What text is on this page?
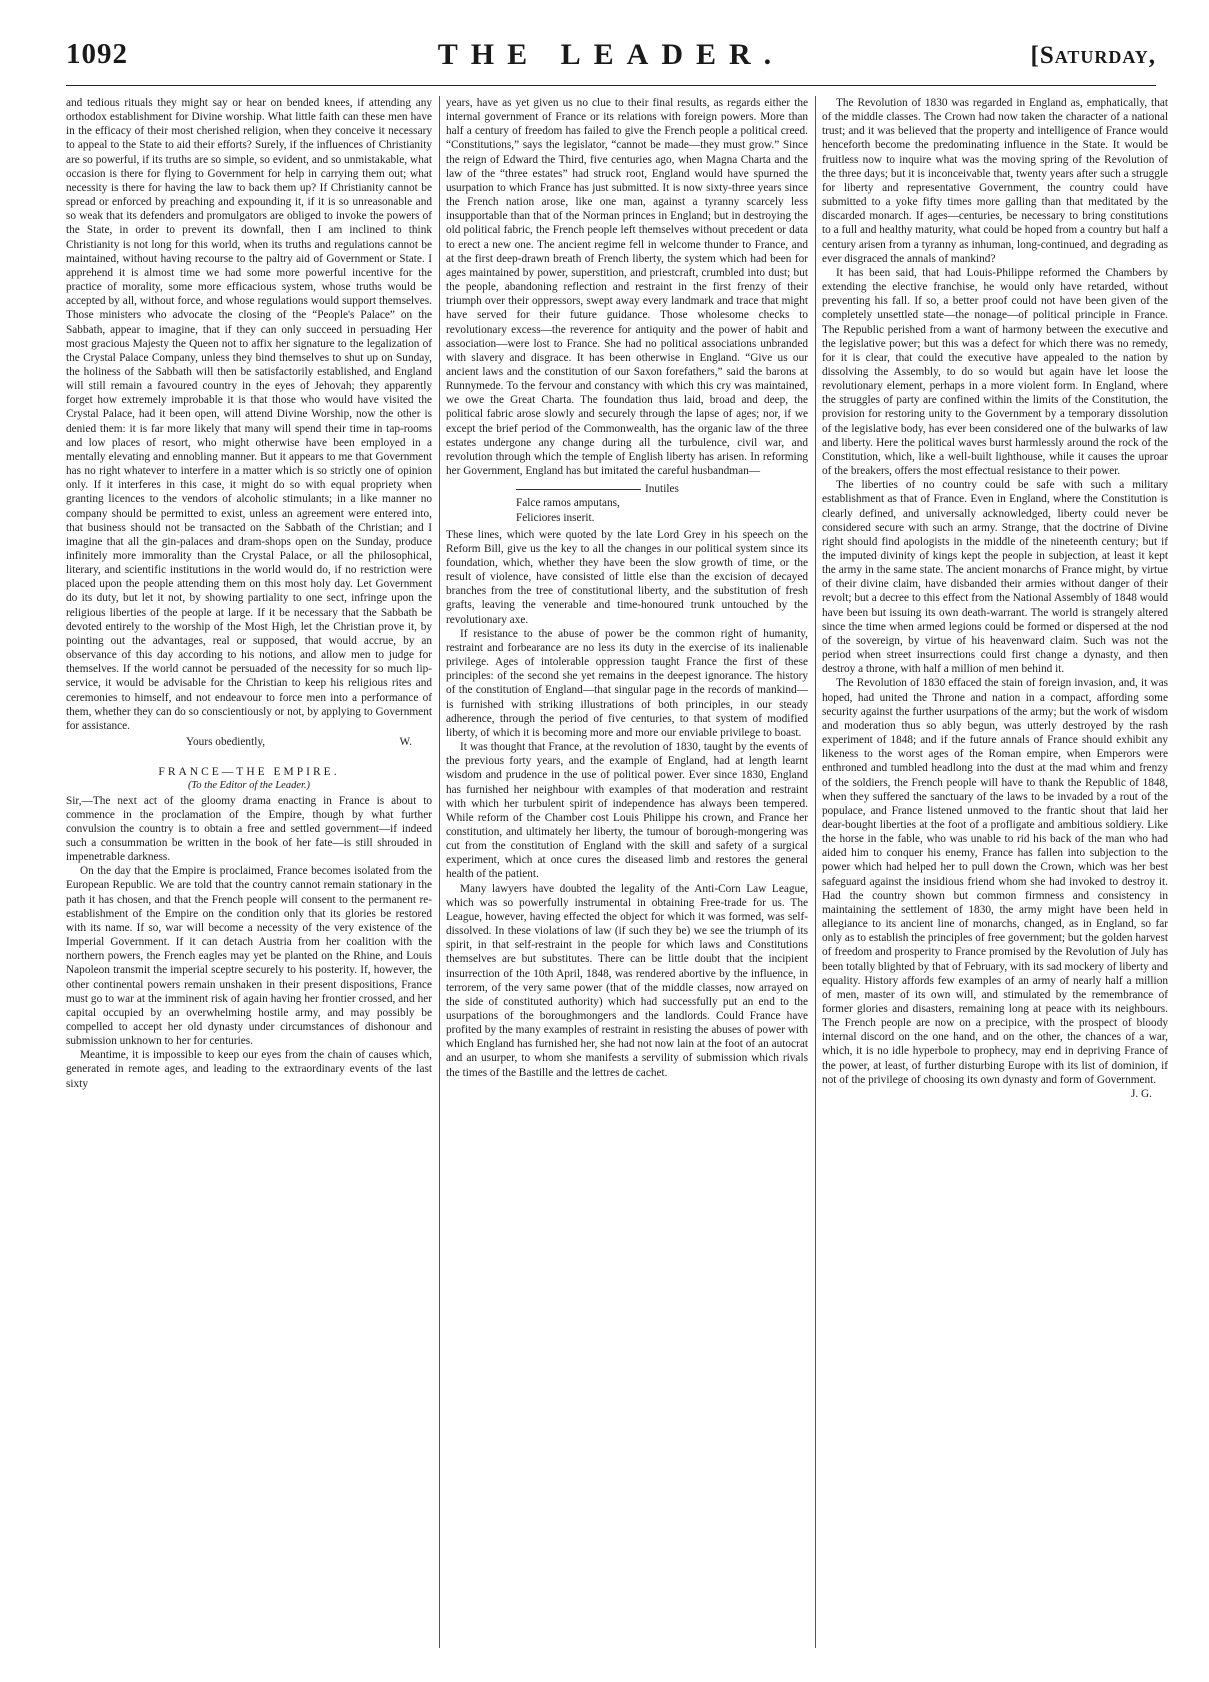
1092	THE LEADER.	[Saturday,

and tedious rituals they might say or hear on bended knees, if attending any orthodox establishment for Divine worship. What little faith can these men have in the efficacy of their most cherished religion, when they conceive it necessary to appeal to the State to aid their efforts? Surely, if the influences of Christianity are so powerful, if its truths are so simple, so evident, and so unmistakable, what occasion is there for flying to Government for help in carrying them out; what necessity is there for having the law to back them up? If Christianity cannot be spread or enforced by preaching and expounding it, if it is so unreasonable and so weak that its defenders and promulgators are obliged to invoke the powers of the State, in order to prevent its downfall, then I am inclined to think Christianity is not long for this world, when its truths and regulations cannot be maintained, without having recourse to the paltry aid of Government or State. I apprehend it is almost time we had some more powerful incentive for the practice of morality, some more efficacious system, whose truths would be accepted by all, without force, and whose regulations would support themselves. Those ministers who advocate the closing of the “People's Palace” on the Sabbath, appear to imagine, that if they can only succeed in persuading Her most gracious Majesty the Queen not to affix her signature to the legalization of the Crystal Palace Company, unless they bind themselves to shut up on Sunday, the holiness of the Sabbath will then be satisfactorily established, and England will still remain a favoured country in the eyes of Jehovah; they apparently forget how extremely improbable it is that those who would have visited the Crystal Palace, had it been open, will attend Divine Worship, now the other is denied them: it is far more likely that many will spend their time in tap-rooms and low places of resort, who might otherwise have been employed in a mentally elevating and ennobling manner. But it appears to me that Government has no right whatever to interfere in a matter which is so strictly one of opinion only. If it interferes in this case, it might do so with equal propriety when granting licences to the vendors of alcoholic stimulants; in a like manner no company should be permitted to exist, unless an agreement were entered into, that business should not be transacted on the Sabbath of the Christian; and I imagine that all the gin-palaces and dram-shops open on the Sunday, produce infinitely more immorality than the Crystal Palace, or all the philosophical, literary, and scientific institutions in the world would do, if no restriction were placed upon the people attending them on this most holy day. Let Government do its duty, but let it not, by showing partiality to one sect, infringe upon the religious liberties of the people at large. If it be necessary that the Sabbath be devoted entirely to the worship of the Most High, let the Christian prove it, by pointing out the advantages, real or supposed, that would accrue, by an observance of this day according to his notions, and allow men to judge for themselves. If the world cannot be persuaded of the necessity for so much lip-service, it would be advisable for the Christian to keep his religious rites and ceremonies to himself, and not endeavour to force men into a performance of them, whether they can do so conscientiously or not, by applying to Government for assistance.

Yours obediently,	W.
FRANCE—THE EMPIRE.
(To the Editor of the Leader.)

Sir,—The next act of the gloomy drama enacting in France is about to commence in the proclamation of the Empire, though by what further convulsion the country is to obtain a free and settled government—if indeed such a consummation be written in the book of her fate—is still shrouded in impenetrable darkness.

On the day that the Empire is proclaimed, France becomes isolated from the European Republic. We are told that the country cannot remain stationary in the path it has chosen, and that the French people will consent to the permanent re-establishment of the Empire on the condition only that its glories be restored with its name. If so, war will become a necessity of the very existence of the Imperial Government. If it can detach Austria from her coalition with the northern powers, the French eagles may yet be planted on the Rhine, and Louis Napoleon transmit the imperial sceptre securely to his posterity. If, however, the other continental powers remain unshaken in their present dispositions, France must go to war at the imminent risk of again having her frontier crossed, and her capital occupied by an overwhelming hostile army, and may possibly be compelled to accept her old dynasty under circumstances of dishonour and submission unknown to her for centuries.

Meantime, it is impossible to keep our eyes from the chain of causes which, generated in remote ages, and leading to the extraordinary events of the last sixty

years, have as yet given us no clue to their final results, as regards either the internal government of France or its relations with foreign powers. More than half a century of freedom has failed to give the French people a political creed. “Constitutions,” says the legislator, “cannot be made—they must grow.” Since the reign of Edward the Third, five centuries ago, when Magna Charta and the law of the “three estates” had struck root, England would have spurned the usurpation to which France has just submitted. It is now sixty-three years since the French nation arose, like one man, against a tyranny scarcely less insupportable than that of the Norman princes in England; but in destroying the old political fabric, the French people left themselves without precedent or data to erect a new one. The ancient regime fell in welcome thunder to France, and at the first deep-drawn breath of French liberty, the system which had been for ages maintained by power, superstition, and priestcraft, crumbled into dust; but the people, abandoning reflection and restraint in the first frenzy of their triumph over their oppressors, swept away every landmark and trace that might have served for their future guidance. Those wholesome checks to revolutionary excess—the reverence for antiquity and the power of habit and association—were lost to France. She had no political associations unbranded with slavery and disgrace. It has been otherwise in England. “Give us our ancient laws and the constitution of our Saxon forefathers,” said the barons at Runnymede. To the fervour and constancy with which this cry was maintained, we owe the Great Charta. The foundation thus laid, broad and deep, the political fabric arose slowly and securely through the lapse of ages; nor, if we except the brief period of the Commonwealth, has the organic law of the three estates undergone any change during all the turbulence, civil war, and revolution through which the temple of English liberty has arisen. In reforming her Government, England has but imitated the careful husbandman—

Inutiles
Falce ramos amputans,
Feliciores inserit.

These lines, which were quoted by the late Lord Grey in his speech on the Reform Bill, give us the key to all the changes in our political system since its foundation, which, whether they have been the slow growth of time, or the result of violence, have consisted of little else than the excision of decayed branches from the tree of constitutional liberty, and the substitution of fresh grafts, leaving the venerable and time-honoured trunk untouched by the revolutionary axe.

If resistance to the abuse of power be the common right of humanity, restraint and forbearance are no less its duty in the exercise of its inalienable privilege. Ages of intolerable oppression taught France the first of these principles: of the second she yet remains in the deepest ignorance. The history of the constitution of England—that singular page in the records of mankind—is furnished with striking illustrations of both principles, in our steady adherence, through the period of five centuries, to that system of modified liberty, of which it is becoming more and more our enviable privilege to boast.

It was thought that France, at the revolution of 1830, taught by the events of the previous forty years, and the example of England, had at length learnt wisdom and prudence in the use of political power. Ever since 1830, England has furnished her neighbour with examples of that moderation and restraint with which her turbulent spirit of independence has always been tempered. While reform of the Chamber cost Louis Philippe his crown, and France her constitution, and ultimately her liberty, the tumour of borough-mongering was cut from the constitution of England with the skill and safety of a surgical experiment, which at once cures the diseased limb and restores the general health of the patient.

Many lawyers have doubted the legality of the Anti-Corn Law League, which was so powerfully instrumental in obtaining Free-trade for us. The League, however, having effected the object for which it was formed, was self-dissolved. In these violations of law (if such they be) we see the triumph of its spirit, in that self-restraint in the people for which laws and Constitutions themselves are but substitutes. There can be little doubt that the incipient insurrection of the 10th April, 1848, was rendered abortive by the influence, in terrorem, of the very same power (that of the middle classes, now arrayed on the side of constituted authority) which had successfully put an end to the usurpations of the boroughmongers and the landlords. Could France have profited by the many examples of restraint in resisting the abuses of power with which England has furnished her, she had not now lain at the foot of an autocrat and an usurper, to whom she manifests a servility of submission which rivals the times of the Bastille and the lettres de cachet.

The Revolution of 1830 was regarded in England as, emphatically, that of the middle classes. The Crown had now taken the character of a national trust; and it was believed that the property and intelligence of France would henceforth become the predominating influence in the State. It would be fruitless now to inquire what was the moving spring of the Revolution of the three days; but it is inconceivable that, twenty years after such a struggle for liberty and representative Government, the country could have submitted to a yoke fifty times more galling than that meditated by the discarded monarch. If ages—centuries, be necessary to bring constitutions to a full and healthy maturity, what could be hoped from a country but half a century arisen from a tyranny as inhuman, long-continued, and degrading as ever disgraced the annals of mankind?

It has been said, that had Louis-Philippe reformed the Chambers by extending the elective franchise, he would only have retarded, without preventing his fall. If so, a better proof could not have been given of the completely unsettled state—the nonage—of political principle in France. The Republic perished from a want of harmony between the executive and the legislative power; but this was a defect for which there was no remedy, for it is clear, that could the executive have appealed to the nation by dissolving the Assembly, to do so would but again have let loose the revolutionary element, perhaps in a more violent form. In England, where the struggles of party are confined within the limits of the Constitution, the provision for restoring unity to the Government by a temporary dissolution of the legislative body, has ever been considered one of the bulwarks of law and liberty. Here the political waves burst harmlessly around the rock of the Constitution, which, like a well-built lighthouse, while it causes the uproar of the breakers, offers the most effectual resistance to their power.

The liberties of no country could be safe with such a military establishment as that of France. Even in England, where the Constitution is clearly defined, and universally acknowledged, liberty could never be considered secure with such an army. Strange, that the doctrine of Divine right should find apologists in the middle of the nineteenth century; but if the imputed divinity of kings kept the people in subjection, at least it kept the army in the same state. The ancient monarchs of France might, by virtue of their divine claim, have disbanded their armies without danger of their revolt; but a decree to this effect from the National Assembly of 1848 would have been but issuing its own death-warrant. The world is strangely altered since the time when armed legions could be formed or dispersed at the nod of the sovereign, by virtue of his heavenward claim. Such was not the period when street insurrections could first change a dynasty, and then destroy a throne, with half a million of men behind it.

The Revolution of 1830 effaced the stain of foreign invasion, and, it was hoped, had united the Throne and nation in a compact, affording some security against the further usurpations of the army; but the work of wisdom and moderation thus so ably begun, was utterly destroyed by the rash experiment of 1848; and if the future annals of France should exhibit any likeness to the worst ages of the Roman empire, when Emperors were enthroned and tumbled headlong into the dust at the mad whim and frenzy of the soldiers, the French people will have to thank the Republic of 1848, when they suffered the sanctuary of the laws to be invaded by a rout of the populace, and France listened unmoved to the frantic shout that laid her dear-bought liberties at the foot of a profligate and ambitious soldiery. Like the horse in the fable, who was unable to rid his back of the man who had aided him to conquer his enemy, France has fallen into subjection to the power which had helped her to pull down the Crown, which was her best safeguard against the insidious friend whom she had invoked to destroy it. Had the country shown but common firmness and consistency in maintaining the settlement of 1830, the army might have been held in allegiance to its ancient line of monarchs, changed, as in England, so far only as to establish the principles of free government; but the golden harvest of freedom and prosperity to France promised by the Revolution of July has been totally blighted by that of February, with its sad mockery of liberty and equality. History affords few examples of an army of nearly half a million of men, master of its own will, and stimulated by the remembrance of former glories and disasters, remaining long at peace with its neighbours. The French people are now on a precipice, with the prospect of bloody internal discord on the one hand, and on the other, the chances of a war, which, it is no idle hyperbole to prophecy, may end in depriving France of the power, at least, of further disturbing Europe with its list of dominion, if not of the privilege of choosing its own dynasty and form of Government.

J. G.
